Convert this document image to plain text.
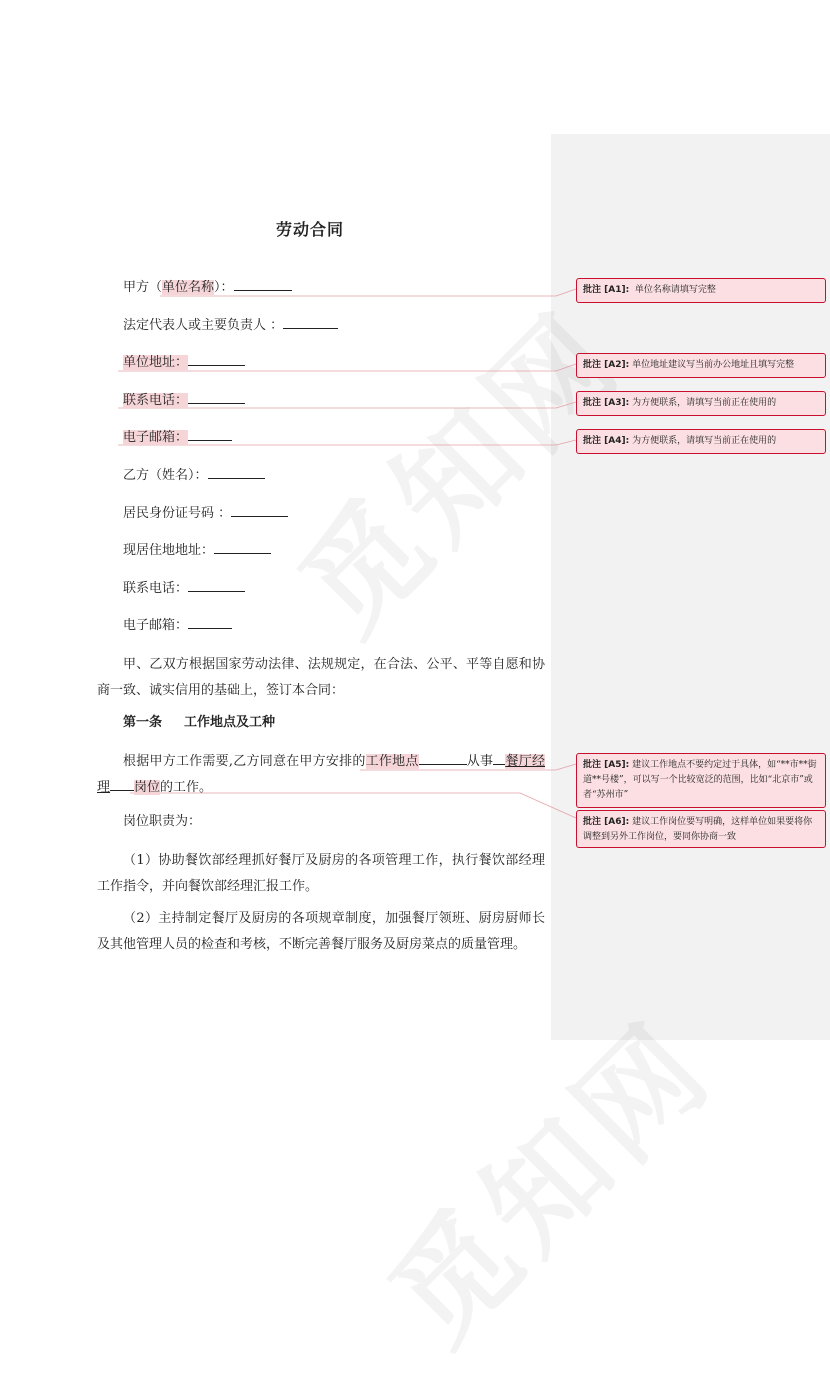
劳动合同
甲方（单位名称）：
法定代表人或主要负责人 ：
单位地址：
联系电话：
电子邮箱：
乙方（姓名）：
居民身份证号码 ：
现居住地地址：
联系电话：
电子邮箱：
甲、乙双方根据国家劳动法律、法规规定，在合法、公平、平等自愿和协商一致、诚实信用的基础上，签订本合同：
第一条 工作地点及工种
根据甲方工作需要,乙方同意在甲方安排的工作地点	从事 餐厅经理 岗位的工作。
岗位职责为：
（1）协助餐饮部经理抓好餐厅及厨房的各项管理工作，执行餐饮部经理工作指令，并向餐饮部经理汇报工作。
（2）主持制定餐厅及厨房的各项规章制度，加强餐厅领班、厨房厨师长及其他管理人员的检查和考核，不断完善餐厅服务及厨房菜点的质量管理。
批注 [A1]: 单位名称请填写完整
批注 [A2]: 单位地址建议写当前办公地址且填写完整
批注 [A3]: 为方便联系，请填写当前正在使用的
批注 [A4]: 为方便联系，请填写当前正在使用的
批注 [A5]: 建议工作地点不要约定过于具体，如“**市**街道**号楼”，可以写一个比较宽泛的范围，比如“北京市”或者“苏州市”
批注 [A6]: 建议工作岗位要写明确，这样单位如果要将你调整到另外工作岗位，要同你协商一致
